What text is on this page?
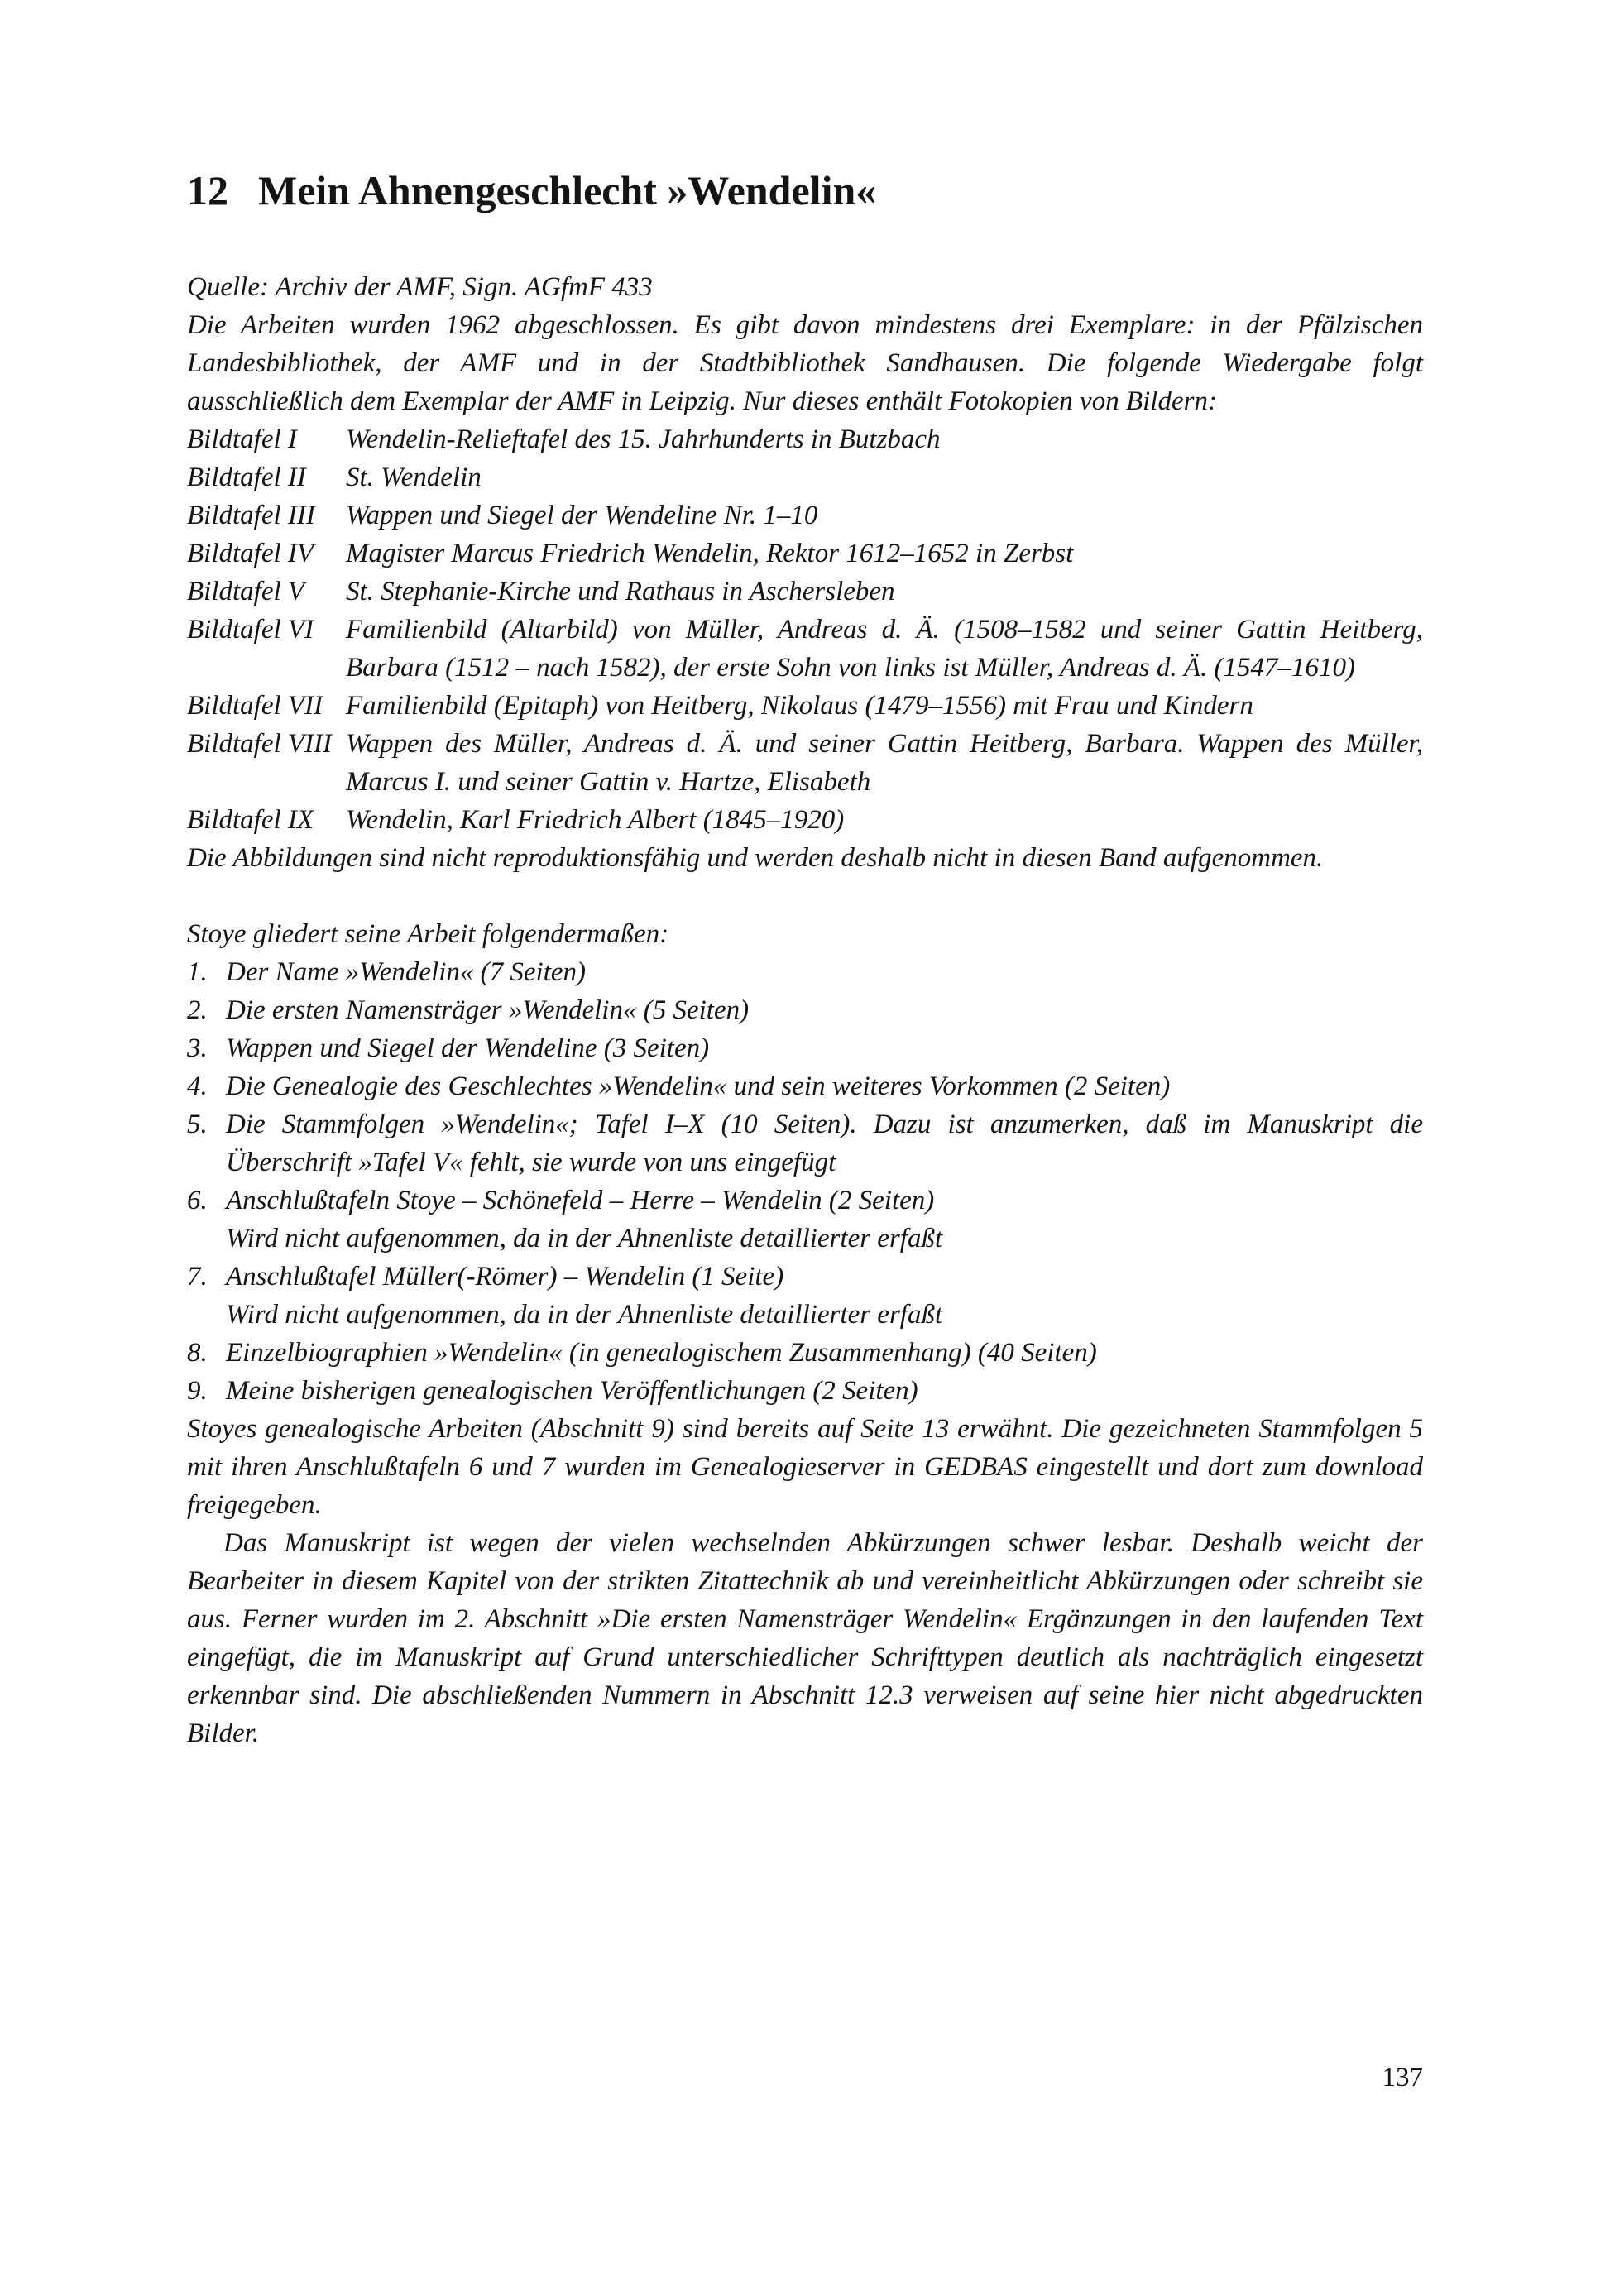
12 Mein Ahnengeschlecht »Wendelin«

Quelle: Archiv der AMF, Sign. AGfmF 433

Die Arbeiten wurden 1962 abgeschlossen. Es gibt davon mindestens drei Exemplare: in der Pfälzischen Landesbibliothek, der AMF und in der Stadtbibliothek Sandhausen. Die folgende Wiedergabe folgt ausschließlich dem Exemplar der AMF in Leipzig. Nur dieses enthält Fotokopien von Bildern:

Bildtafel I	Wendelin-Relieftafel des 15. Jahrhunderts in Butzbach
Bildtafel II	St. Wendelin
Bildtafel III	Wappen und Siegel der Wendeline Nr. 1–10
Bildtafel IV	Magister Marcus Friedrich Wendelin, Rektor 1612–1652 in Zerbst
Bildtafel V	St. Stephanie-Kirche und Rathaus in Aschersleben
Bildtafel VI	Familienbild (Altarbild) von Müller, Andreas d. Ä. (1508–1582 und seiner Gattin Heitberg, Barbara (1512 – nach 1582), der erste Sohn von links ist Müller, Andreas d. Ä. (1547–1610)
Bildtafel VII Familienbild (Epitaph) von Heitberg, Nikolaus (1479–1556) mit Frau und Kindern
Bildtafel VIII Wappen des Müller, Andreas d. Ä. und seiner Gattin Heitberg, Barbara. Wappen des Müller, Marcus I. und seiner Gattin v. Hartze, Elisabeth
Bildtafel IX	Wendelin, Karl Friedrich Albert (1845–1920)

Die Abbildungen sind nicht reproduktionsfähig und werden deshalb nicht in diesen Band aufgenommen.

Stoye gliedert seine Arbeit folgendermaßen:

1. Der Name »Wendelin« (7 Seiten)
2. Die ersten Namensträger »Wendelin« (5 Seiten)
3. Wappen und Siegel der Wendeline (3 Seiten)
4. Die Genealogie des Geschlechtes »Wendelin« und sein weiteres Vorkommen (2 Seiten)
5. Die Stammfolgen »Wendelin«; Tafel I–X (10 Seiten). Dazu ist anzumerken, daß im Manuskript die Überschrift »Tafel V« fehlt, sie wurde von uns eingefügt
6. Anschlußtafeln Stoye – Schönefeld – Herre – Wendelin (2 Seiten)
Wird nicht aufgenommen, da in der Ahnenliste detaillierter erfaßt
7. Anschlußtafel Müller(-Römer) – Wendelin (1 Seite)
Wird nicht aufgenommen, da in der Ahnenliste detaillierter erfaßt
8. Einzelbiographien »Wendelin« (in genealogischem Zusammenhang) (40 Seiten)
9. Meine bisherigen genealogischen Veröffentlichungen (2 Seiten)

Stoyes genealogische Arbeiten (Abschnitt 9) sind bereits auf Seite 13 erwähnt. Die gezeichneten Stammfolgen 5 mit ihren Anschlußtafeln 6 und 7 wurden im Genealogieserver in GEDBAS eingestellt und dort zum download freigegeben.

Das Manuskript ist wegen der vielen wechselnden Abkürzungen schwer lesbar. Deshalb weicht der Bearbeiter in diesem Kapitel von der strikten Zitattechnik ab und vereinheitlicht Abkürzungen oder schreibt sie aus. Ferner wurden im 2. Abschnitt »Die ersten Namensträger Wendelin« Ergänzungen in den laufenden Text eingefügt, die im Manuskript auf Grund unterschiedlicher Schrifttypen deutlich als nachträglich eingesetzt erkennbar sind. Die abschließenden Nummern in Abschnitt 12.3 verweisen auf seine hier nicht abgedruckten Bilder.

137
